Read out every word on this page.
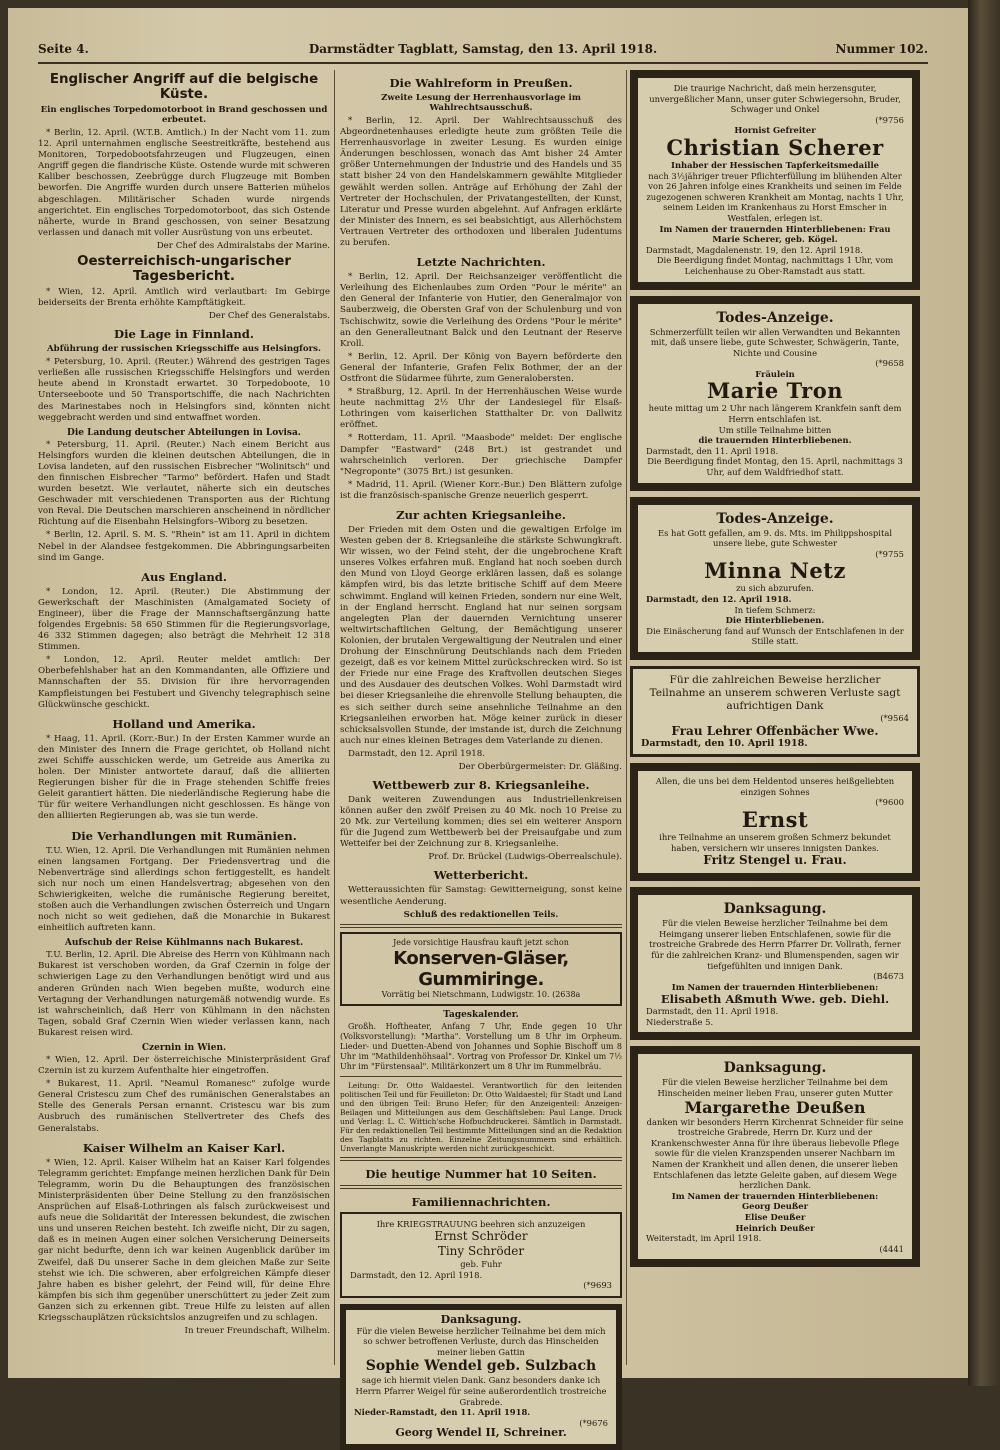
Seite 4.	Darmstädter Tagblatt, Samstag, den 13. April 1918.	Nummer 102.
Englischer Angriff auf die belgische Küste.
Ein englisches Torpedomotorboot in Brand geschossen und erbeutet.
* Berlin, 12. April. (W.T.B. Amtlich.) In der Nacht vom 11. zum 12. April unternahmen englische Seestreitkräfte, bestehend aus Monitoren, Torpedobootsfahrzeugen und Flugzeugen, einen Angriff gegen die flandrische Küste. Ostende wurde mit schweren Kaliber beschossen, Zeebrügge durch Flugzeuge mit Bomben beworfen. Die Angriffe wurden durch unsere Batterien mühelos abgeschlagen. Militärischer Schaden wurde nirgends angerichtet. Ein englisches Torpedomotorboot, das sich Ostende näherte, wurde in Brand geschossen, von seiner Besatzung verlassen und danach mit voller Ausrüstung von uns erbeutet.
Der Chef des Admiralstabs der Marine.
Oesterreichisch-ungarischer Tagesbericht.
* Wien, 12. April. Amtlich wird verlautbart: Im Gebirge beiderseits der Brenta erhöhte Kampftätigkeit.
Der Chef des Generalstabs.
Die Lage in Finnland.
Abführung der russischen Kriegsschiffe aus Helsingfors.
* Petersburg, 10. April. (Reuter.) Während des gestrigen Tages verließen alle russischen Kriegsschiffe Helsingfors und werden heute abend in Kronstadt erwartet. 30 Torpedoboote, 10 Unterseeboote und 50 Transportschiffe, die nach Nachrichten des Marinestabes noch in Helsingfors sind, könnten nicht weggebracht werden und sind entwaffnet worden.
Die Landung deutscher Abteilungen in Lovisa.
* Petersburg, 11. April. (Reuter.) Nach einem Bericht aus Helsingfors wurden die kleinen deutschen Abteilungen, die in Lovisa landeten, auf den russischen Eisbrecher "Wolinitsch" und den finnischen Eisbrecher "Tarmo" befördert. Hafen und Stadt wurden besetzt. Wie verlautet, näherte sich ein deutsches Geschwader mit verschiedenen Transporten aus der Richtung von Reval. Die Deutschen marschieren anscheinend in nördlicher Richtung auf die Eisenbahn Helsingfors–Wiborg zu besetzen.
* Berlin, 12. April. S. M. S. "Rhein" ist am 11. April in dichtem Nebel in der Alandsee festgekommen. Die Abbringungsarbeiten sind im Gange.
Aus England.
* London, 12. April. (Reuter.) Die Abstimmung der Gewerkschaft der Maschinisten (Amalgamated Society of Engineer), über die Frage der Mannschaftsergänzung hatte folgendes Ergebnis: 58 650 Stimmen für die Regierungsvorlage, 46 332 Stimmen dagegen; also beträgt die Mehrheit 12 318 Stimmen.
* London, 12. April. Reuter meldet amtlich: Der Oberbefehlshaber hat an den Kommandanten, alle Offiziere und Mannschaften der 55. Division für ihre hervorragenden Kampfleistungen bei Festubert und Givenchy telegraphisch seine Glückwünsche geschickt.
Holland und Amerika.
* Haag, 11. April. (Korr.-Bur.) In der Ersten Kammer wurde an den Minister des Innern die Frage gerichtet, ob Holland nicht zwei Schiffe ausschicken werde, um Getreide aus Amerika zu holen. Der Minister antwortete darauf, daß die alliierten Regierungen bisher für die in Frage stehenden Schiffe freies Geleit garantiert hätten. Die niederländische Regierung habe die Tür für weitere Verhandlungen nicht geschlossen. Es hänge von den alliierten Regierungen ab, was sie tun werde.
Die Verhandlungen mit Rumänien.
T.U. Wien, 12. April. Die Verhandlungen mit Rumänien nehmen einen langsamen Fortgang. Der Friedensvertrag und die Nebenverträge sind allerdings schon fertiggestellt, es handelt sich nur noch um einen Handelsvertrag; abgesehen von den Schwierigkeiten, welche die rumänische Regierung bereitet, stoßen auch die Verhandlungen zwischen Österreich und Ungarn noch nicht so weit gediehen, daß die Monarchie in Bukarest einheitlich auftreten kann.
Aufschub der Reise Kühlmanns nach Bukarest.
T.U. Berlin, 12. April. Die Abreise des Herrn von Kühlmann nach Bukarest ist verschoben worden, da Graf Czernin in folge der schwierigen Lage zu den Verhandlungen benötigt wird und aus anderen Gründen nach Wien begeben mußte, wodurch eine Vertagung der Verhandlungen naturgemäß notwendig wurde. Es ist wahrscheinlich, daß Herr von Kühlmann in den nächsten Tagen, sobald Graf Czernin Wien wieder verlassen kann, nach Bukarest reisen wird.
Czernin in Wien.
* Wien, 12. April. Der österreichische Ministerpräsident Graf Czernin ist zu kurzem Aufenthalte hier eingetroffen.
* Bukarest, 11. April. "Neamul Romanesc" zufolge wurde General Cristescu zum Chef des rumänischen Generalstabes an Stelle des Generals Persan ernannt. Cristescu war bis zum Ausbruch des rumänischen Stellvertreter des Chefs des Generalstabs.
Kaiser Wilhelm an Kaiser Karl.
* Wien, 12. April. Kaiser Wilhelm hat an Kaiser Karl folgendes Telegramm gerichtet: Empfange meinen herzlichen Dank für Dein Telegramm, worin Du die Behauptungen des französischen Ministerpräsidenten über Deine Stellung zu den französischen Ansprüchen auf Elsaß-Lothringen als falsch zurückweisest und aufs neue die Solidarität der Interessen bekundest, die zwischen uns und unseren Reichen besteht. Ich zweifle nicht, Dir zu sagen, daß es in meinen Augen einer solchen Versicherung Deinerseits gar nicht bedurfte, denn ich war keinen Augenblick darüber im Zweifel, daß Du unserer Sache in dem gleichen Maße zur Seite stehst wie ich. Die schweren, aber erfolgreichen Kämpfe dieser Jahre haben es bisher gelehrt, der Feind will, für deine Ehre kämpfen bis sich ihm gegenüber unerschüttert zu jeder Zeit zum Ganzen sich zu erkennen gibt. Treue Hilfe zu leisten auf allen Kriegsschauplätzen rücksichtslos anzugreifen und zu schlagen.
In treuer Freundschaft, Wilhelm.
Die Wahlreform in Preußen.
Zweite Lesung der Herrenhausvorlage im Wahlrechtsausschuß.
* Berlin, 12. April. Der Wahlrechtsausschuß des Abgeordnetenhauses erledigte heute zum größten Teile die Herrenhausvorlage in zweiter Lesung. Es wurden einige Änderungen beschlossen, wonach das Amt bisher 24 Amter größer Unternehmungen der Industrie und des Handels und 35 statt bisher 24 von den Handelskammern gewählte Mitglieder gewählt werden sollen. Anträge auf Erhöhung der Zahl der Vertreter der Hochschulen, der Privatangestellten, der Kunst, Literatur und Presse wurden abgelehnt. Auf Anfragen erklärte der Minister des Innern, es sei beabsichtigt, aus Allerhöchstem Vertrauen Vertreter des orthodoxen und liberalen Judentums zu berufen.
Letzte Nachrichten.
* Berlin, 12. April. Der Reichsanzeiger veröffentlicht die Verleihung des Eichenlaubes zum Orden "Pour le mérite" an den General der Infanterie von Hutier, den Generalmajor von Sauberzweig, die Obersten Graf von der Schulenburg und von Tschischwitz, sowie die Verleihung des Ordens "Pour le mérite" an den Generalleutnant Balck und den Leutnant der Reserve Kroll.
* Berlin, 12. April. Der König von Bayern beförderte den General der Infanterie, Grafen Felix Bothmer, der an der Ostfront die Südarmee führte, zum Generalobersten.
* Straßburg, 12. April. In der Herrenhäuschen Weise wurde heute nachmittag 2½ Uhr der Landesiegel für Elsaß-Lothringen vom kaiserlichen Statthalter Dr. von Dallwitz eröffnet.
* Rotterdam, 11. April. "Maasbode" meldet: Der englische Dampfer "Eastward" (248 Brt.) ist gestrandet und wahrscheinlich verloren. Der griechische Dampfer "Negroponte" (3075 Brt.) ist gesunken.
* Madrid, 11. April. (Wiener Korr.-Bur.) Den Blättern zufolge ist die französisch-spanische Grenze neuerlich gesperrt.
Zur achten Kriegsanleihe.
Der Frieden mit dem Osten und die gewaltigen Erfolge im Westen geben der 8. Kriegsanleihe die stärkste Schwungkraft. Wir wissen, wo der Feind steht, der die ungebrochene Kraft unseres Volkes erfahren muß. England hat noch soeben durch den Mund von Lloyd George erklären lassen, daß es solange kämpfen wird, bis das letzte britische Schiff auf dem Meere schwimmt. England will keinen Frieden, sondern nur eine Welt, in der England herrscht. England hat nur seinen sorgsam angelegten Plan der dauernden Vernichtung unserer weltwirtschaftlichen Geltung, der Bemächtigung unserer Kolonien, der brutalen Vergewaltigung der Neutralen und einer Drohung der Einschnürung Deutschlands nach dem Frieden gezeigt, daß es vor keinem Mittel zurückschrecken wird. So ist der Friede nur eine Frage des Kraftvollen deutschen Sieges und des Ausdauer des deutschen Volkes. Wohl Darmstadt wird bei dieser Kriegsanleihe die ehrenvolle Stellung behaupten, die es sich seither durch seine ansehnliche Teilnahme an den Kriegsanleihen erworben hat. Möge keiner zurück in dieser schicksalsvollen Stunde, der imstande ist, durch die Zeichnung auch nur eines kleinen Betrages dem Vaterlande zu dienen.
Darmstadt, den 12. April 1918.
Der Oberbürgermeister: Dr. Gläßing.
Wettbewerb zur 8. Kriegsanleihe.
Dank weiteren Zuwendungen aus Industriellenkreisen können außer den zwölf Preisen zu 40 Mk. noch 10 Preise zu 20 Mk. zur Verteilung kommen; dies sei ein weiterer Ansporn für die Jugend zum Wettbewerb bei der Preisaufgabe und zum Wetteifer bei der Zeichnung zur 8. Kriegsanleihe.
Prof. Dr. Brückel (Ludwigs-Oberrealschule).
Wetterbericht.
Wetteraussichten für Samstag: Gewitterneigung, sonst keine wesentliche Aenderung.
Schluß des redaktionellen Teils.
Jede vorsichtige Hausfrau kauft jetzt schon
Konserven-Gläser, Gummiringe.
Vorrätig bei Nietschmann, Ludwigstr. 10. (2638a
Tageskalender.
Großh. Hoftheater, Anfang 7 Uhr, Ende gegen 10 Uhr (Volksvorstellung): "Martha". Vorstellung um 8 Uhr im Orpheum. Lieder- und Duetten-Abend von Johannes und Sophie Bischoff um 8 Uhr im "Mathildenhöhsaal". Vortrag von Professor Dr. Kinkel um 7½ Uhr im "Fürstensaal". Militärkonzert um 8 Uhr im Rummelbräu.
Leitung: Dr. Otto Waldaestel. Verantwortlich für den leitenden politischen Teil und für Feuilleton: Dr. Otto Waldaestel; für Stadt und Land und den übrigen Teil: Bruno Hefer; für den Anzeigenteil: Anzeigen-Beilagen und Mitteilungen aus dem Geschäftsleben: Paul Lange. Druck und Verlag: L. C. Wittich'sche Hofbuchdruckerei. Sämtlich in Darmstadt. Für den redaktionellen Teil bestimmte Mitteilungen sind an die Redaktion des Tagblatts zu richten. Einzelne Zeitungsnummern sind erhältlich. Unverlangte Manuskripte werden nicht zurückgeschickt.
Die heutige Nummer hat 10 Seiten.
Familiennachrichten.
Ihre KRIEGSTRAUUNG beehren sich anzuzeigen
Ernst Schröder
Tiny Schröder
geb. Fuhr
Darmstadt, den 12. April 1918.
(*9693
Danksagung.
Für die vielen Beweise herzlicher Teilnahme bei dem mich so schwer betroffenen Verluste, durch das Hinscheiden meiner lieben Gattin
Sophie Wendel geb. Sulzbach
sage ich hiermit vielen Dank. Ganz besonders danke ich Herrn Pfarrer Weigel für seine außerordentlich trostreiche Grabrede.
Nieder-Ramstadt, den 11. April 1918.
(*9676
Georg Wendel II, Schreiner.
Die traurige Nachricht, daß mein herzensguter, unvergeßlicher Mann, unser guter Schwiegersohn, Bruder, Schwager und Onkel
(*9756
Hornist Gefreiter
Christian Scherer
Inhaber der Hessischen Tapferkeitsmedaille
nach 3½jähriger treuer Pflichterfüllung im blühenden Alter von 26 Jahren infolge eines Krankheits und seinen im Felde zugezogenen schweren Krankheit am Montag, nachts 1 Uhr, seinem Leiden im Krankenhaus zu Horst Emscher in Westfalen, erlegen ist.
Im Namen der trauernden Hinterbliebenen: Frau Marie Scherer, geb. Kögel.
Darmstadt, Magdalenenstr. 19, den 12. April 1918.
Die Beerdigung findet Montag, nachmittags 1 Uhr, vom Leichenhause zu Ober-Ramstadt aus statt.
Todes-Anzeige.
Schmerzerfüllt teilen wir allen Verwandten und Bekannten mit, daß unsere liebe, gute Schwester, Schwägerin, Tante, Nichte und Cousine
(*9658
Fräulein
Marie Tron
heute mittag um 2 Uhr nach längerem Krankfein sanft dem Herrn entschlafen ist.
Um stille Teilnahme bitten
die trauernden Hinterbliebenen.
Darmstadt, den 11. April 1918.
Die Beerdigung findet Montag, den 15. April, nachmittags 3 Uhr, auf dem Waldfriedhof statt.
Todes-Anzeige.
Es hat Gott gefallen, am 9. ds. Mts. im Philippshospital unsere liebe, gute Schwester
(*9755
Minna Netz
zu sich abzurufen.
Darmstadt, den 12. April 1918.
In tiefem Schmerz:
Die Hinterbliebenen.
Die Einäscherung fand auf Wunsch der Entschlafenen in der Stille statt.
Für die zahlreichen Beweise herzlicher Teilnahme an unserem schweren Verluste sagt aufrichtigen Dank
(*9564
Frau Lehrer Offenbächer Wwe.
Darmstadt, den 10. April 1918.
Allen, die uns bei dem Heldentod unseres heißgeliebten einzigen Sohnes
(*9600
Ernst
ihre Teilnahme an unserem großen Schmerz bekundet haben, versichern wir unseres innigsten Dankes.
Fritz Stengel u. Frau.
Danksagung.
Für die vielen Beweise herzlicher Teilnahme bei dem Heimgang unserer lieben Entschlafenen, sowie für die trostreiche Grabrede des Herrn Pfarrer Dr. Vollrath, ferner für die zahlreichen Kranz- und Blumenspenden, sagen wir tiefgefühlten und innigen Dank.
(B4673
Im Namen der trauernden Hinterbliebenen:
Elisabeth Aßmuth Wwe. geb. Diehl.
Darmstadt, den 11. April 1918.
Niederstraße 5.
Danksagung.
Für die vielen Beweise herzlicher Teilnahme bei dem Hinscheiden meiner lieben Frau, unserer guten Mutter
Margarethe Deußen
danken wir besonders Herrn Kirchenrat Schneider für seine trostreiche Grabrede, Herrn Dr. Kurz und der Krankenschwester Anna für ihre überaus liebevolle Pflege sowie für die vielen Kranzspenden unserer Nachbarn im Namen der Krankheit und allen denen, die unserer lieben Entschlafenen das letzte Geleite gaben, auf diesem Wege herzlichen Dank.
Im Namen der trauernden Hinterbliebenen:
Georg Deußer
Elise Deußer
Heinrich Deußer
Weiterstadt, im April 1918.
(4441
